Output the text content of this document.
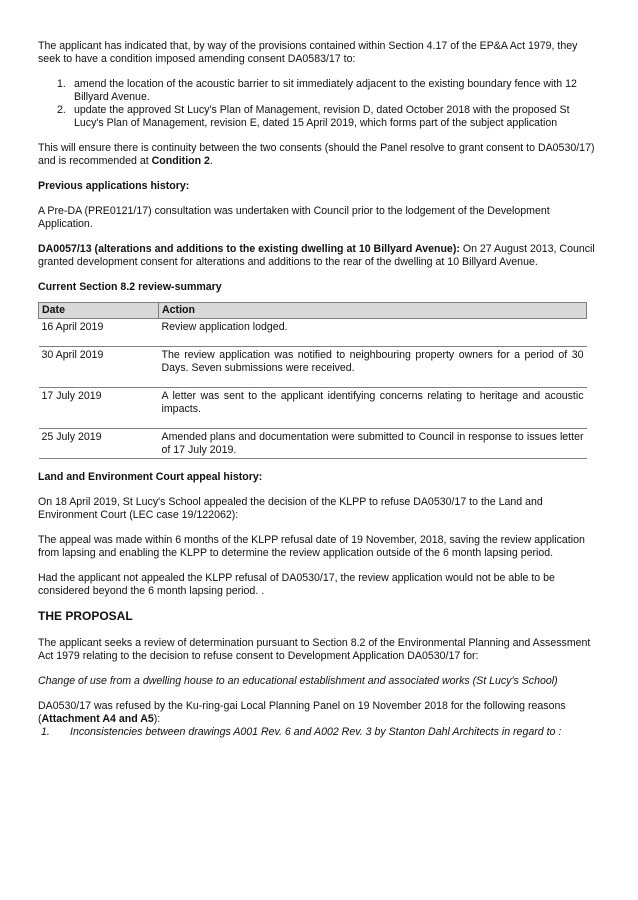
The applicant has indicated that, by way of the provisions contained within Section 4.17 of the EP&A Act 1979, they seek to have a condition imposed amending consent DA0583/17 to:

1. amend the location of the acoustic barrier to sit immediately adjacent to the existing boundary fence with 12 Billyard Avenue.
2. update the approved St Lucy's Plan of Management, revision D, dated October 2018 with the proposed St Lucy's Plan of Management, revision E, dated 15 April 2019, which forms part of the subject application

This will ensure there is continuity between the two consents (should the Panel resolve to grant consent to DA0530/17) and is recommended at Condition 2.

Previous applications history:

A Pre-DA (PRE0121/17) consultation was undertaken with Council prior to the lodgement of the Development Application.

DA0057/13 (alterations and additions to the existing dwelling at 10 Billyard Avenue): On 27 August 2013, Council granted development consent for alterations and additions to the rear of the dwelling at 10 Billyard Avenue.

Current Section 8.2 review-summary

Date	Action
16 April 2019	Review application lodged.
30 April 2019	The review application was notified to neighbouring property owners for a period of 30 Days. Seven submissions were received.
17 July 2019	A letter was sent to the applicant identifying concerns relating to heritage and acoustic impacts.
25 July 2019	Amended plans and documentation were submitted to Council in response to issues letter of 17 July 2019.

Land and Environment Court appeal history:

On 18 April 2019, St Lucy's School appealed the decision of the KLPP to refuse DA0530/17 to the Land and Environment Court (LEC case 19/122062):

The appeal was made within 6 months of the KLPP refusal date of 19 November, 2018, saving the review application from lapsing and enabling the KLPP to determine the review application outside of the 6 month lapsing period.

Had the applicant not appealed the KLPP refusal of DA0530/17, the review application would not be able to be considered beyond the 6 month lapsing period. .

THE PROPOSAL

The applicant seeks a review of determination pursuant to Section 8.2 of the Environmental Planning and Assessment Act 1979 relating to the decision to refuse consent to Development Application DA0530/17 for:

Change of use from a dwelling house to an educational establishment and associated works (St Lucy's School)

DA0530/17 was refused by the Ku-ring-gai Local Planning Panel on 19 November 2018 for the following reasons (Attachment A4 and A5):

1. Inconsistencies between drawings A001 Rev. 6 and A002 Rev. 3 by Stanton Dahl Architects in regard to :
